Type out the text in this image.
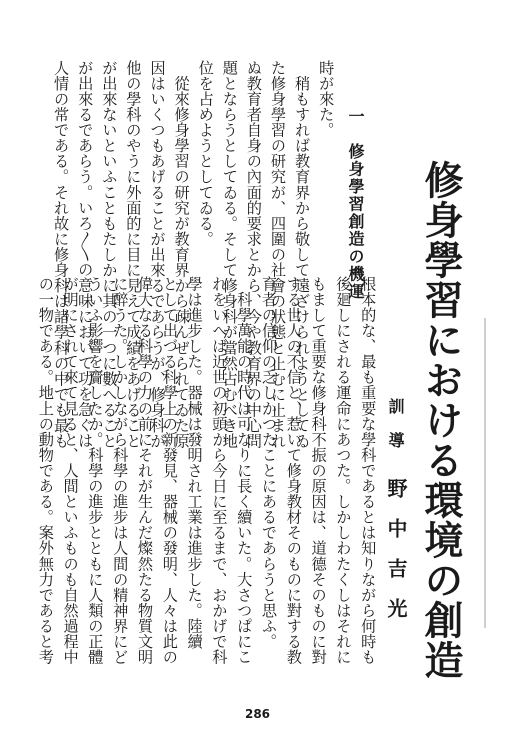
修身學習における環境の創造
訓導
野中吉光
根本的な、最も重要な學科であるとは知りながら何時も
後廻しにされる運命にあつた。しかしわたくしはそれに
もまして重要な修身科不振の原因は、道德そのものに對
する世人の不信と、惹いて修身教材そのものに對する教
育者の信仰の乏しかつたことにあるであらうと思ふ。
　科學萬能の時代は可なりに長く續いた。大さつぱにこ
れをいへば近世の初頭から今日に至るまで、おかげで科
學は進步した。器械は發明され工業は進步した。陸續
として出づる科學上の新發見、器械の發明、人々は此の
偉大なる科學の力の前にそれが生んだ燦然たる物質文明
に醉うた。しかしながら科學の進步は人間の精神界にど
ういふ影響を齎したか。科學の進步とともに人類の正體
が明にされて來て見ると、人間といふものも自然過程中
の一物である。地上の動物である。案外無力であると考
一　修身學習創造の機運
時が來た。
　稍もすれば教育界から敬して遠ざけられようとしてゐ
た修身學習の研究が、四圍の社會の狀態と止むに止まれ
ぬ教育者自身の內面的要求とから、今や教育界の中心問
題とならうとしてゐる。そして修身科が當然占むべき地
位を占めようとしてゐる。
　從來修身學習の研究が教育界から疎んぜられてゐた原
因はいくつもあげることが出來るであらうが、修身科が
他の學科のやうに外面的に目に見えて成績をあげること
が出來ないといふこともたしかに其の一つに數へること
が出來るであらう。いろ〳〵の意味において功を急ぐは
人情の常である。それ故に修身科は諸學科の中でも最も
286
